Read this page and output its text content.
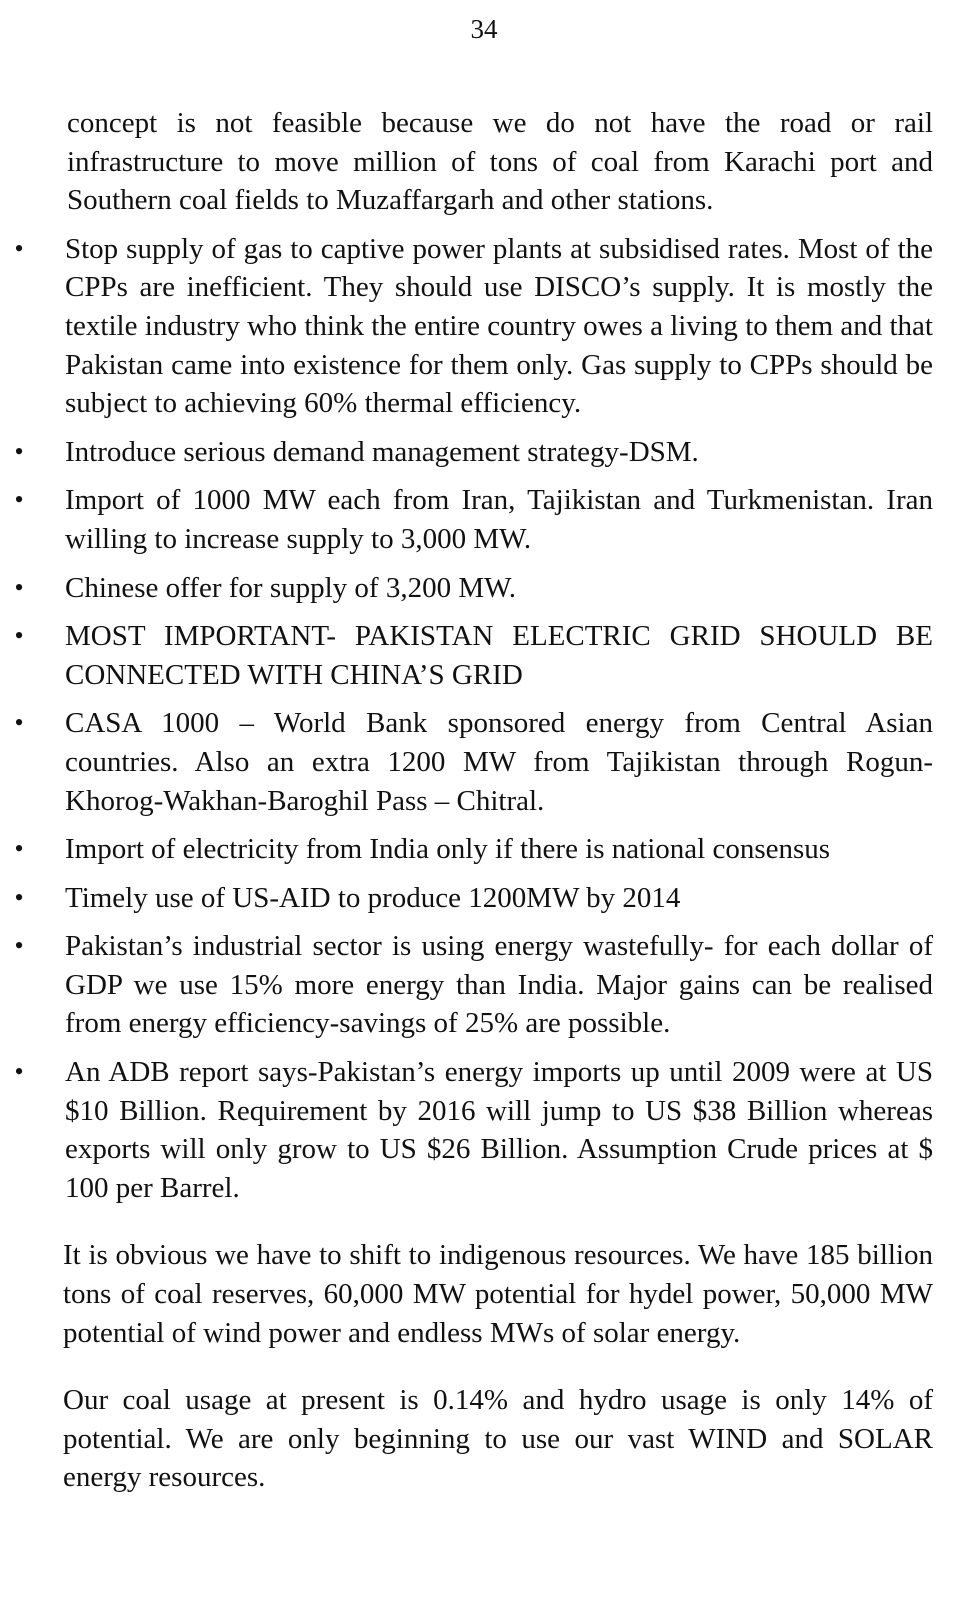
34

concept is not feasible because we do not have the road or rail infrastructure to move million of tons of coal from Karachi port and Southern coal fields to Muzaffargarh and other stations.

• Stop supply of gas to captive power plants at subsidised rates. Most of the CPPs are inefficient. They should use DISCO’s supply. It is mostly the textile industry who think the entire country owes a living to them and that Pakistan came into existence for them only. Gas supply to CPPs should be subject to achieving 60% thermal efficiency.
• Introduce serious demand management strategy-DSM.
• Import of 1000 MW each from Iran, Tajikistan and Turkmenistan. Iran willing to increase supply to 3,000 MW.
• Chinese offer for supply of 3,200 MW.
• MOST IMPORTANT- PAKISTAN ELECTRIC GRID SHOULD BE CONNECTED WITH CHINA’S GRID
• CASA 1000 – World Bank sponsored energy from Central Asian countries. Also an extra 1200 MW from Tajikistan through Rogun-Khorog-Wakhan-Baroghil Pass – Chitral.
• Import of electricity from India only if there is national consensus
• Timely use of US-AID to produce 1200MW by 2014
• Pakistan’s industrial sector is using energy wastefully- for each dollar of GDP we use 15% more energy than India. Major gains can be realised from energy efficiency-savings of 25% are possible.
• An ADB report says-Pakistan’s energy imports up until 2009 were at US $10 Billion. Requirement by 2016 will jump to US $38 Billion whereas exports will only grow to US $26 Billion. Assumption Crude prices at $ 100 per Barrel.

It is obvious we have to shift to indigenous resources. We have 185 billion tons of coal reserves, 60,000 MW potential for hydel power, 50,000 MW potential of wind power and endless MWs of solar energy.

Our coal usage at present is 0.14% and hydro usage is only 14% of potential. We are only beginning to use our vast WIND and SOLAR energy resources.
